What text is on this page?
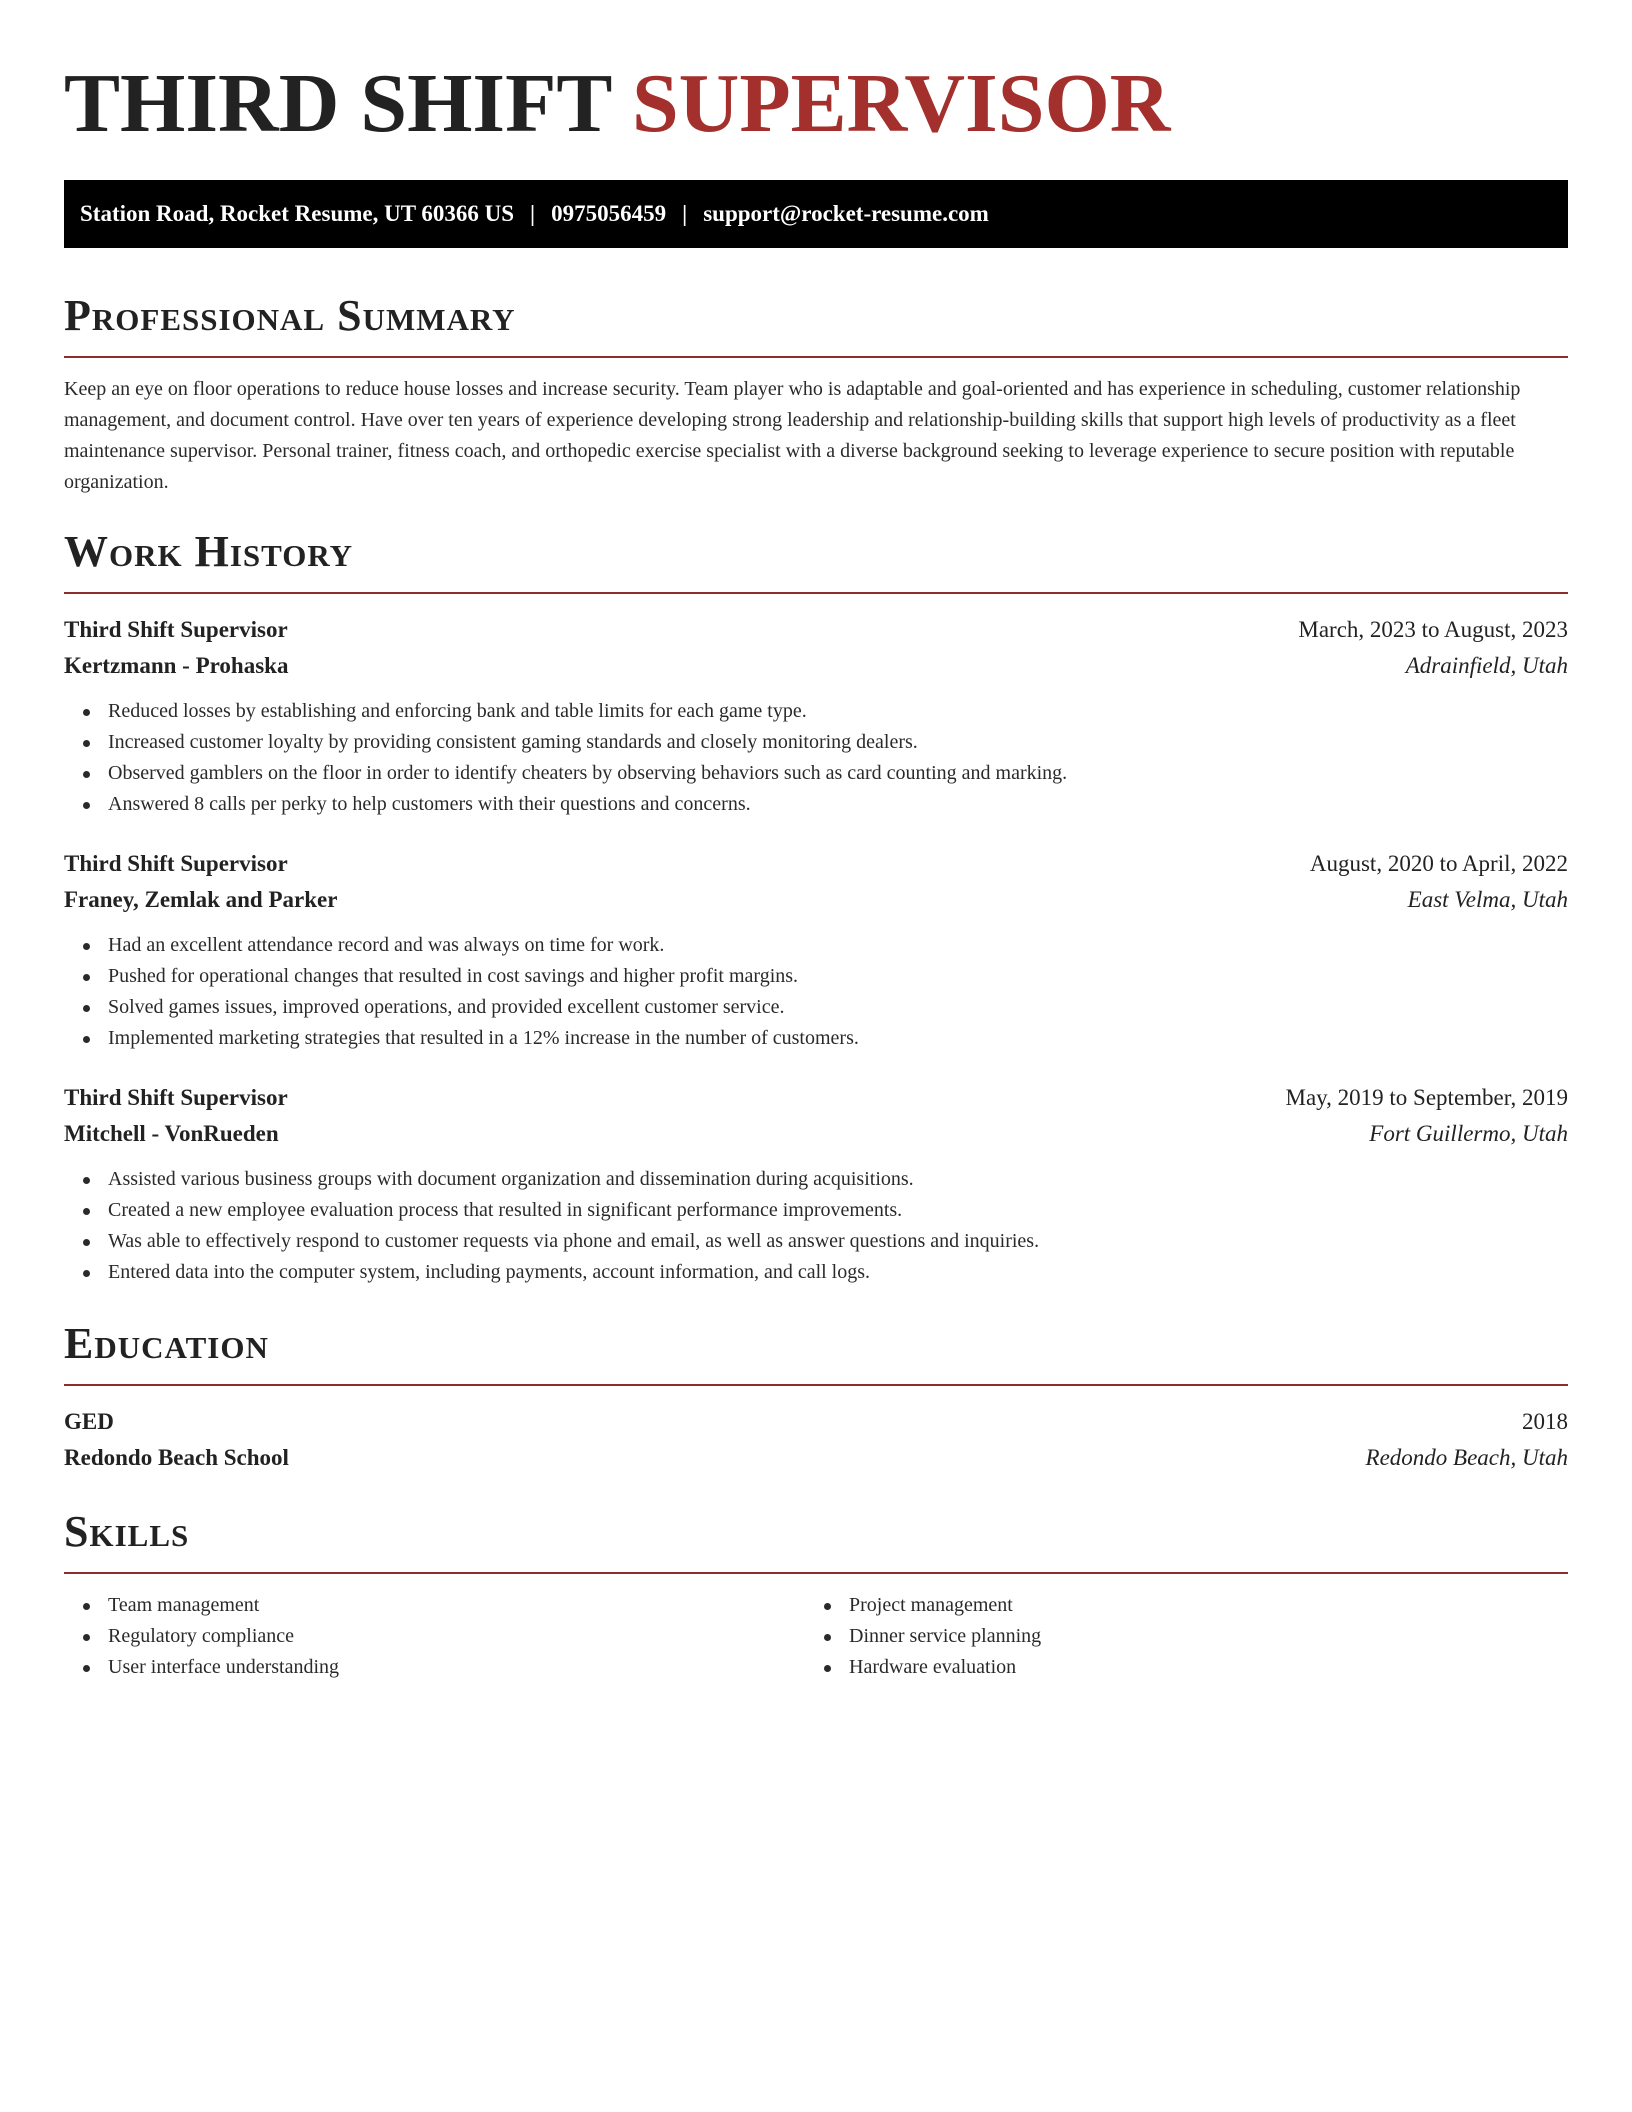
THIRD SHIFT SUPERVISOR
Station Road, Rocket Resume, UT 60366 US | 0975056459 | support@rocket-resume.com
Professional Summary

Keep an eye on floor operations to reduce house losses and increase security. Team player who is adaptable and goal-oriented and has experience in scheduling, customer relationship management, and document control. Have over ten years of experience developing strong leadership and relationship-building skills that support high levels of productivity as a fleet maintenance supervisor. Personal trainer, fitness coach, and orthopedic exercise specialist with a diverse background seeking to leverage experience to secure position with reputable organization.

Work History
Third Shift Supervisor	March, 2023 to August, 2023
Kertzmann - Prohaska	Adrainfield, Utah
Reduced losses by establishing and enforcing bank and table limits for each game type.
Increased customer loyalty by providing consistent gaming standards and closely monitoring dealers.
Observed gamblers on the floor in order to identify cheaters by observing behaviors such as card counting and marking.
Answered 8 calls per perky to help customers with their questions and concerns.
Third Shift Supervisor	August, 2020 to April, 2022
Franey, Zemlak and Parker	East Velma, Utah
Had an excellent attendance record and was always on time for work.
Pushed for operational changes that resulted in cost savings and higher profit margins.
Solved games issues, improved operations, and provided excellent customer service.
Implemented marketing strategies that resulted in a 12% increase in the number of customers.
Third Shift Supervisor	May, 2019 to September, 2019
Mitchell - VonRueden	Fort Guillermo, Utah
Assisted various business groups with document organization and dissemination during acquisitions.
Created a new employee evaluation process that resulted in significant performance improvements.
Was able to effectively respond to customer requests via phone and email, as well as answer questions and inquiries.
Entered data into the computer system, including payments, account information, and call logs.
Education
GED	2018
Redondo Beach School	Redondo Beach, Utah
Skills
Team management
Regulatory compliance
User interface understanding
Project management
Dinner service planning
Hardware evaluation
